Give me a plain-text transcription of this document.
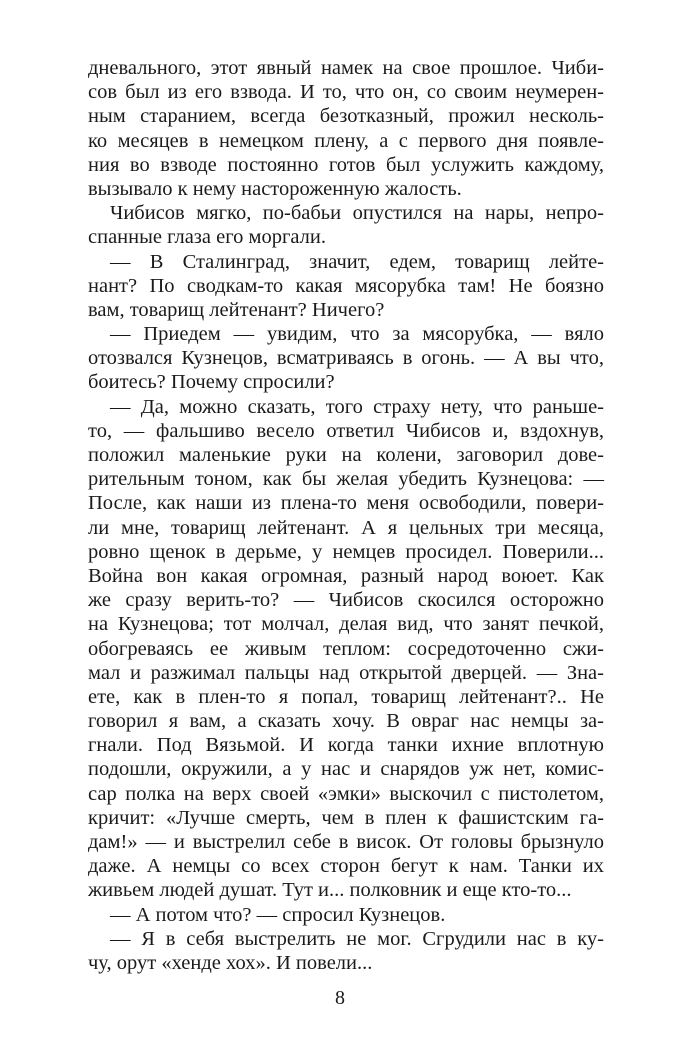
дневального, этот явный намек на свое прошлое. Чиби-
сов был из его взвода. И то, что он, со своим неумерен-
ным старанием, всегда безотказный, прожил несколь-
ко месяцев в немецком плену, а с первого дня появле-
ния во взводе постоянно готов был услужить каждому,
вызывало к нему настороженную жалость.
Чибисов мягко, по-бабьи опустился на нары, непро-
спанные глаза его моргали.
— В Сталинград, значит, едем, товарищ лейте-
нант? По сводкам-то какая мясорубка там! Не боязно
вам, товарищ лейтенант? Ничего?
— Приедем — увидим, что за мясорубка, — вяло
отозвался Кузнецов, всматриваясь в огонь. — А вы что,
боитесь? Почему спросили?
— Да, можно сказать, того страху нету, что раньше-
то, — фальшиво весело ответил Чибисов и, вздохнув,
положил маленькие руки на колени, заговорил дове-
рительным тоном, как бы желая убедить Кузнецова: —
После, как наши из плена-то меня освободили, повери-
ли мне, товарищ лейтенант. А я цельных три месяца,
ровно щенок в дерьме, у немцев просидел. Поверили...
Война вон какая огромная, разный народ воюет. Как
же сразу верить-то? — Чибисов скосился осторожно
на Кузнецова; тот молчал, делая вид, что занят печкой,
обогреваясь ее живым теплом: сосредоточенно сжи-
мал и разжимал пальцы над открытой дверцей. — Зна-
ете, как в плен-то я попал, товарищ лейтенант?.. Не
говорил я вам, а сказать хочу. В овраг нас немцы за-
гнали. Под Вязьмой. И когда танки ихние вплотную
подошли, окружили, а у нас и снарядов уж нет, комис-
сар полка на верх своей «эмки» выскочил с пистолетом,
кричит: «Лучше смерть, чем в плен к фашистским га-
дам!» — и выстрелил себе в висок. От головы брызнуло
даже. А немцы со всех сторон бегут к нам. Танки их
живьем людей душат. Тут и... полковник и еще кто-то...
— А потом что? — спросил Кузнецов.
— Я в себя выстрелить не мог. Сгрудили нас в ку-
чу, орут «хенде хох». И повели...
8
